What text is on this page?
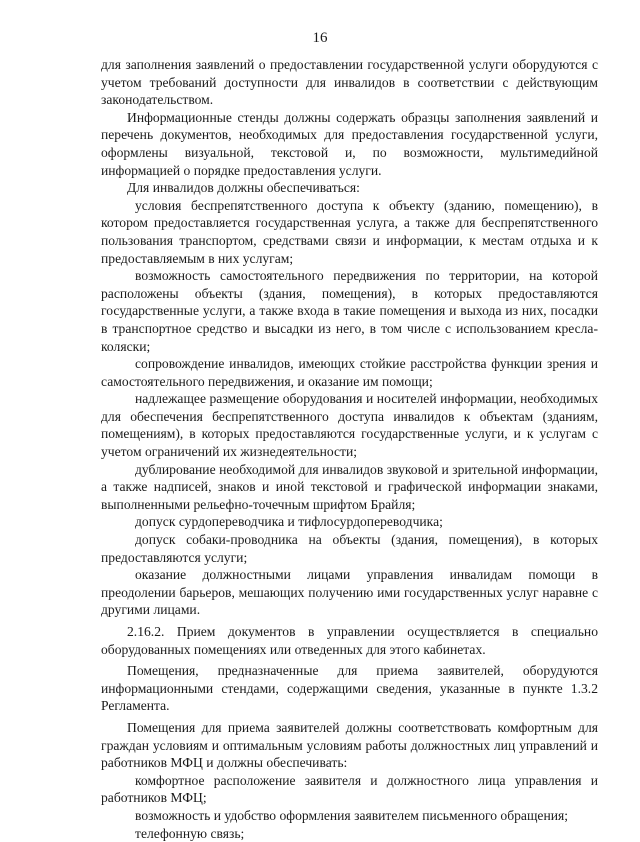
16

для заполнения заявлений о предоставлении государственной услуги оборудуются с учетом требований доступности для инвалидов в соответствии с действующим законодательством.

Информационные стенды должны содержать образцы заполнения заявлений и перечень документов, необходимых для предоставления государственной услуги, оформлены визуальной, текстовой и, по возможности, мультимедийной информацией о порядке предоставления услуги.

Для инвалидов должны обеспечиваться:

условия беспрепятственного доступа к объекту (зданию, помещению), в котором предоставляется государственная услуга, а также для беспрепятственного пользования транспортом, средствами связи и информации, к местам отдыха и к предоставляемым в них услугам;

возможность самостоятельного передвижения по территории, на которой расположены объекты (здания, помещения), в которых предоставляются государственные услуги, а также входа в такие помещения и выхода из них, посадки в транспортное средство и высадки из него, в том числе с использованием кресла-коляски;

сопровождение инвалидов, имеющих стойкие расстройства функции зрения и самостоятельного передвижения, и оказание им помощи;

надлежащее размещение оборудования и носителей информации, необходимых для обеспечения беспрепятственного доступа инвалидов к объектам (зданиям, помещениям), в которых предоставляются государственные услуги, и к услугам с учетом ограничений их жизнедеятельности;

дублирование необходимой для инвалидов звуковой и зрительной информации, а также надписей, знаков и иной текстовой и графической информации знаками, выполненными рельефно-точечным шрифтом Брайля;

допуск сурдопереводчика и тифлосурдопереводчика;

допуск собаки-проводника на объекты (здания, помещения), в которых предоставляются услуги;

оказание должностными лицами управления инвалидам помощи в преодолении барьеров, мешающих получению ими государственных услуг наравне с другими лицами.

2.16.2. Прием документов в управлении осуществляется в специально оборудованных помещениях или отведенных для этого кабинетах.

Помещения, предназначенные для приема заявителей, оборудуются информационными стендами, содержащими сведения, указанные в пункте 1.3.2 Регламента.

Помещения для приема заявителей должны соответствовать комфортным для граждан условиям и оптимальным условиям работы должностных лиц управлений и работников МФЦ и должны обеспечивать:

комфортное расположение заявителя и должностного лица управления и работников МФЦ;

возможность и удобство оформления заявителем письменного обращения;

телефонную связь;
